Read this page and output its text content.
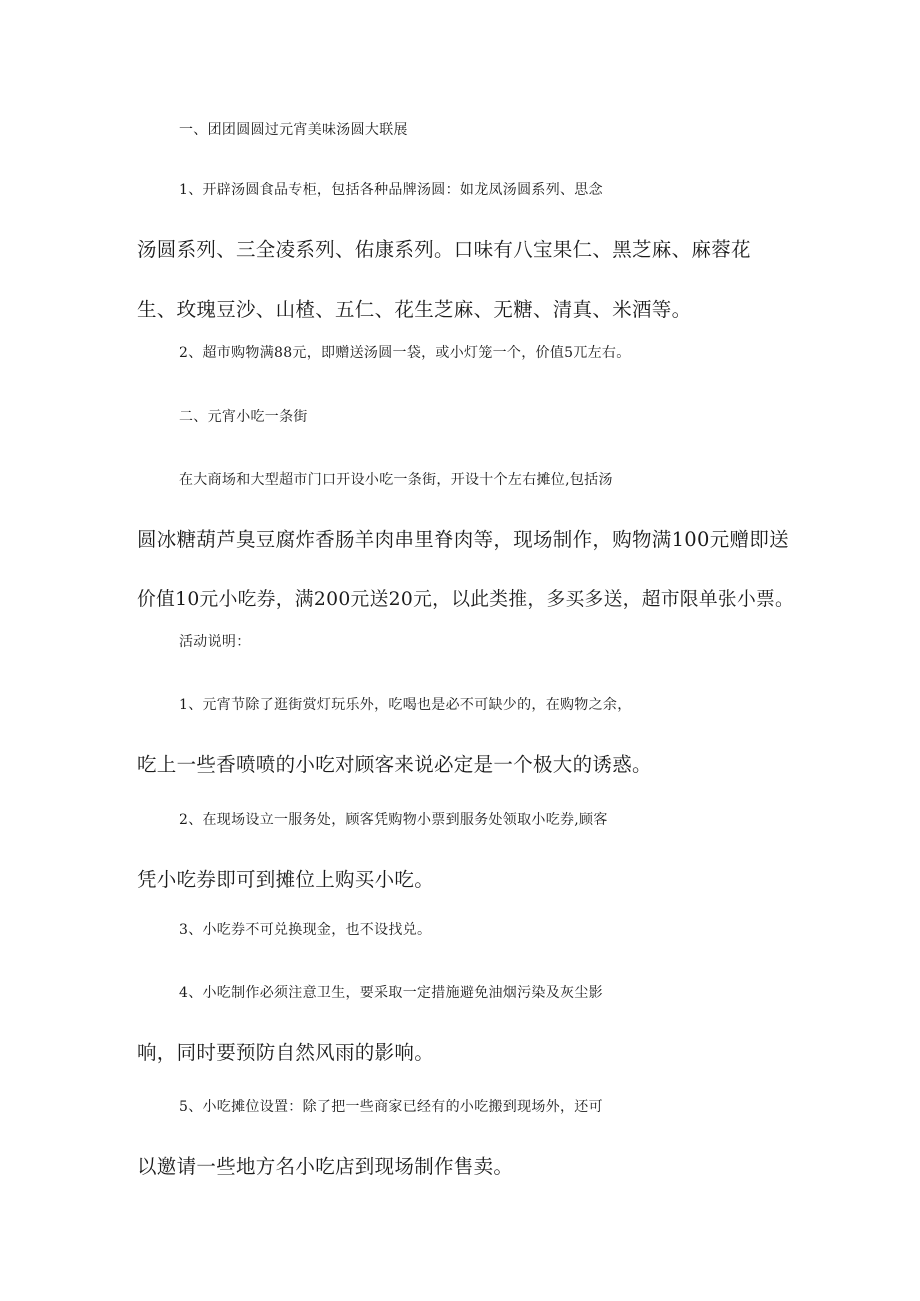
一、团团圆圆过元宵美味汤圆大联展

1、开辟汤圆食品专柜，包括各种品牌汤圆：如龙凤汤圆系列、思念
汤圆系列、三全凌系列、佑康系列。口味有八宝果仁、黑芝麻、麻蓉花
生、玫瑰豆沙、山楂、五仁、花生芝麻、无糖、清真、米酒等。

2、超市购物满88元，即赠送汤圆一袋，或小灯笼一个，价值5兀左右。

二、元宵小吃一条街

在大商场和大型超市门口开设小吃一条街，开设十个左右摊位,包括汤
圆冰糖葫芦臭豆腐炸香肠羊肉串里脊肉等，现场制作，购物满100元赠即送
价值10元小吃券，满200元送20元，以此类推，多买多送，超市限单张小票。

活动说明：

1、元宵节除了逛街赏灯玩乐外，吃喝也是必不可缺少的，在购物之余，
吃上一些香喷喷的小吃对顾客来说必定是一个极大的诱惑。

2、在现场设立一服务处，顾客凭购物小票到服务处领取小吃券,顾客
凭小吃券即可到摊位上购买小吃。

3、小吃券不可兑换现金，也不设找兑。

4、小吃制作必须注意卫生，要采取一定措施避免油烟污染及灰尘影
响，同时要预防自然风雨的影响。

5、小吃摊位设置：除了把一些商家已经有的小吃搬到现场外，还可
以邀请一些地方名小吃店到现场制作售卖。
